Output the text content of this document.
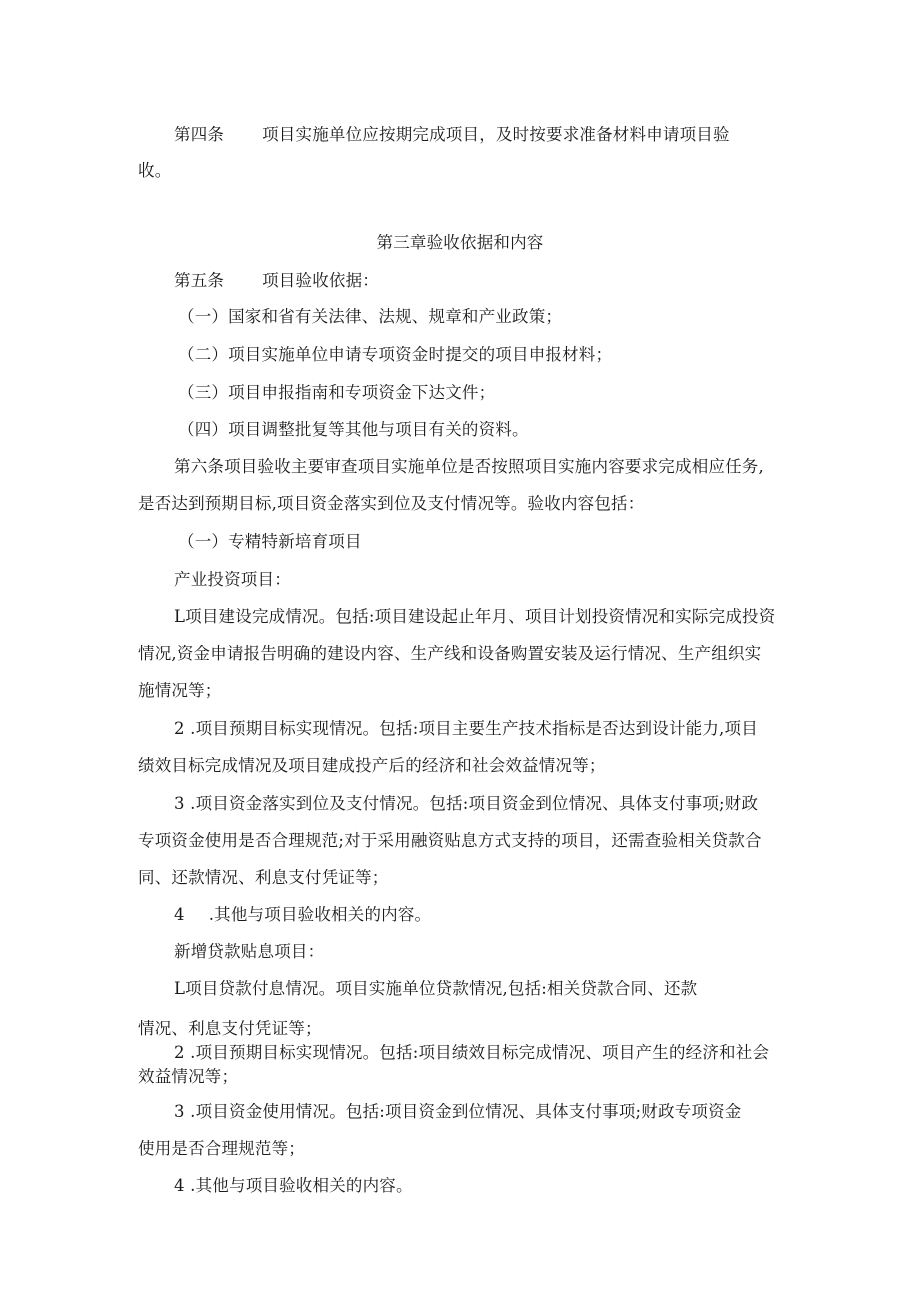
第四条 项目实施单位应按期完成项目，及时按要求准备材料申请项目验
收。
第三章验收依据和内容
第五条 项目验收依据：
（一）国家和省有关法律、法规、规章和产业政策；
（二）项目实施单位申请专项资金时提交的项目申报材料；
（三）项目申报指南和专项资金下达文件；
（四）项目调整批复等其他与项目有关的资料。
第六条项目验收主要审查项目实施单位是否按照项目实施内容要求完成相应任务,
是否达到预期目标,项目资金落实到位及支付情况等。验收内容包括：
（一）专精特新培育项目
产业投资项目：
L项目建设完成情况。包括:项目建设起止年月、项目计划投资情况和实际完成投资
情况,资金申请报告明确的建设内容、生产线和设备购置安装及运行情况、生产组织实
施情况等；
2 .项目预期目标实现情况。包括:项目主要生产技术指标是否达到设计能力,项目
绩效目标完成情况及项目建成投产后的经济和社会效益情况等；
3 .项目资金落实到位及支付情况。包括:项目资金到位情况、具体支付事项;财政
专项资金使用是否合理规范;对于采用融资贴息方式支持的项目，还需查验相关贷款合
同、还款情况、利息支付凭证等；
4 .其他与项目验收相关的内容。
新增贷款贴息项目：
L项目贷款付息情况。项目实施单位贷款情况,包括:相关贷款合同、还款
情况、利息支付凭证等；
2 .项目预期目标实现情况。包括:项目绩效目标完成情况、项目产生的经济和社会
效益情况等；
3 .项目资金使用情况。包括:项目资金到位情况、具体支付事项;财政专项资金
使用是否合理规范等；
4 .其他与项目验收相关的内容。
